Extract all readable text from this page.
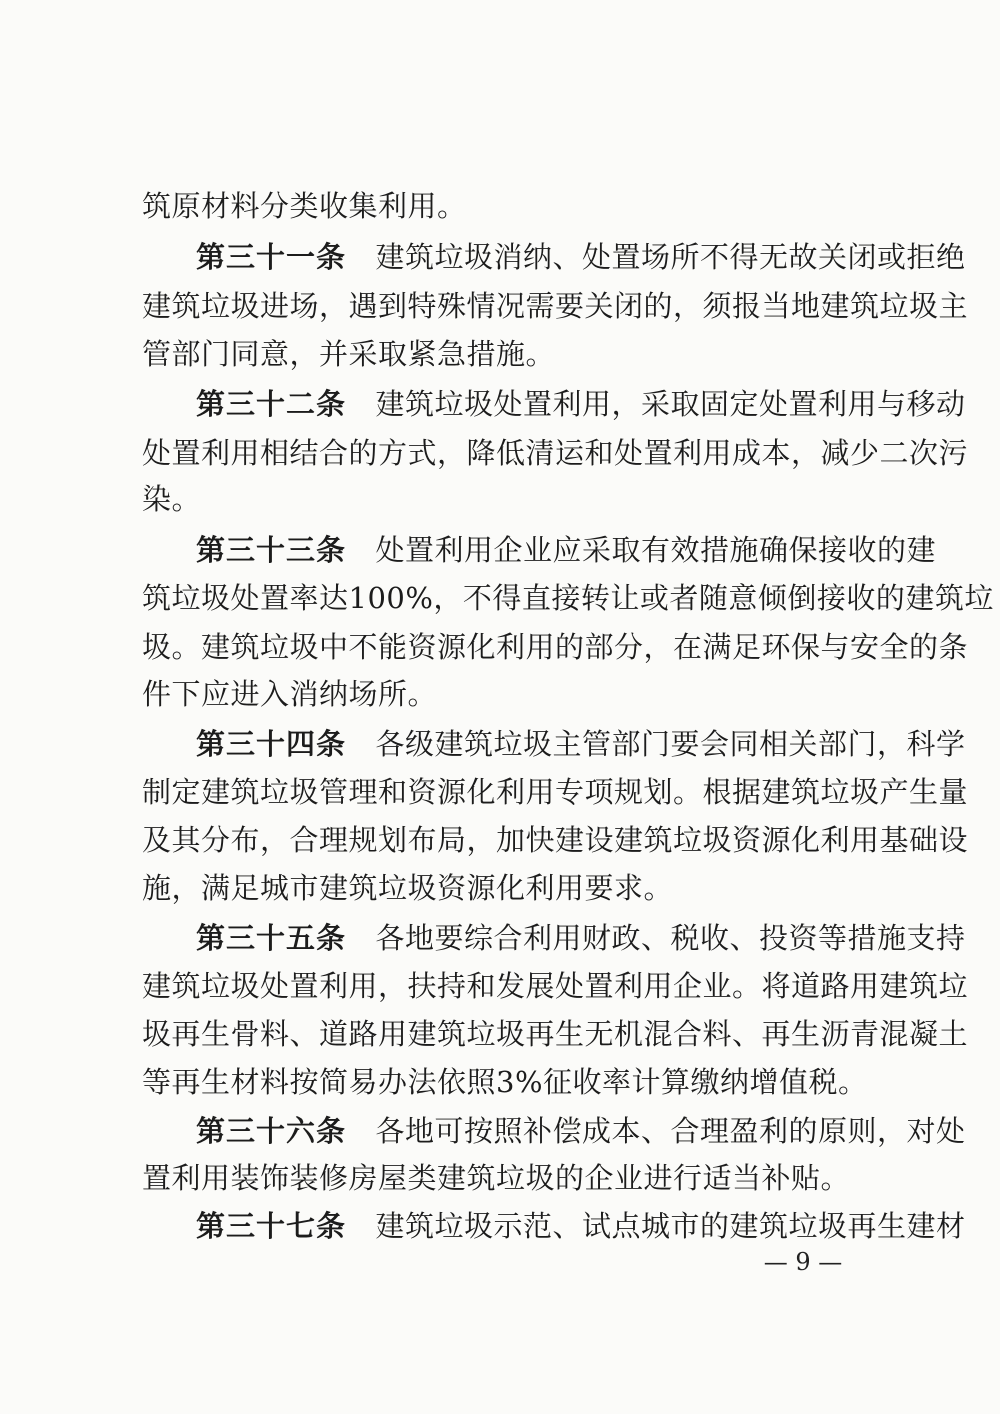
筑原材料分类收集利用。
第三十一条　建筑垃圾消纳、处置场所不得无故关闭或拒绝
建筑垃圾进场，遇到特殊情况需要关闭的，须报当地建筑垃圾主
管部门同意，并采取紧急措施。
第三十二条　建筑垃圾处置利用，采取固定处置利用与移动
处置利用相结合的方式，降低清运和处置利用成本，减少二次污
染。
第三十三条　处置利用企业应采取有效措施确保接收的建
筑垃圾处置率达100%，不得直接转让或者随意倾倒接收的建筑垃
圾。建筑垃圾中不能资源化利用的部分，在满足环保与安全的条
件下应进入消纳场所。
第三十四条　各级建筑垃圾主管部门要会同相关部门，科学
制定建筑垃圾管理和资源化利用专项规划。根据建筑垃圾产生量
及其分布，合理规划布局，加快建设建筑垃圾资源化利用基础设
施，满足城市建筑垃圾资源化利用要求。
第三十五条　各地要综合利用财政、税收、投资等措施支持
建筑垃圾处置利用，扶持和发展处置利用企业。将道路用建筑垃
圾再生骨料、道路用建筑垃圾再生无机混合料、再生沥青混凝土
等再生材料按简易办法依照3%征收率计算缴纳增值税。
第三十六条　各地可按照补偿成本、合理盈利的原则，对处
置利用装饰装修房屋类建筑垃圾的企业进行适当补贴。
第三十七条　建筑垃圾示范、试点城市的建筑垃圾再生建材
— 9 —
